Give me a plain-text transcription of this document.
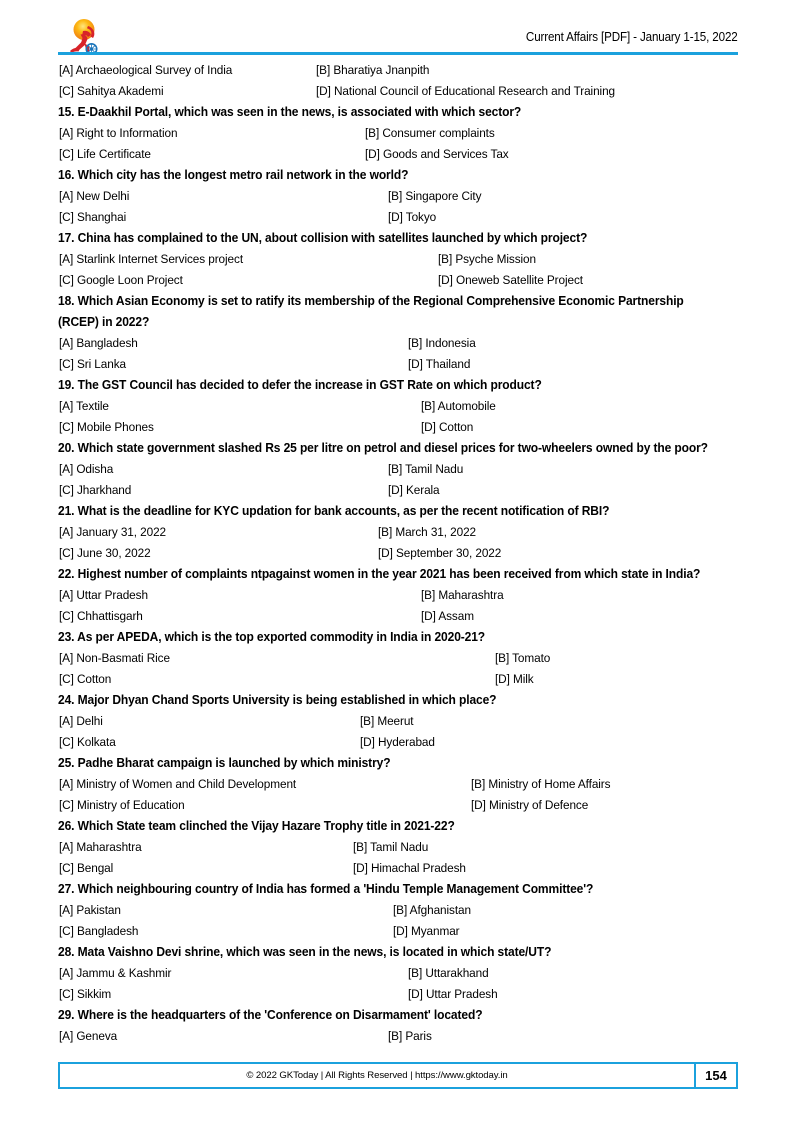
Current Affairs [PDF] - January 1-15, 2022
[A] Archaeological Survey of India	[B] Bharatiya Jnanpith
[C] Sahitya Akademi	[D] National Council of Educational Research and Training
15. E-Daakhil Portal, which was seen in the news, is associated with which sector?
[A] Right to Information	[B] Consumer complaints
[C] Life Certificate	[D] Goods and Services Tax
16. Which city has the longest metro rail network in the world?
[A] New Delhi	[B] Singapore City
[C] Shanghai	[D] Tokyo
17. China has complained to the UN, about collision with satellites launched by which project?
[A] Starlink Internet Services project	[B] Psyche Mission
[C] Google Loon Project	[D] Oneweb Satellite Project
18. Which Asian Economy is set to ratify its membership of the Regional Comprehensive Economic Partnership
(RCEP) in 2022?
[A] Bangladesh	[B] Indonesia
[C] Sri Lanka	[D] Thailand
19. The GST Council has decided to defer the increase in GST Rate on which product?
[A] Textile	[B] Automobile
[C] Mobile Phones	[D] Cotton
20. Which state government slashed Rs 25 per litre on petrol and diesel prices for two-wheelers owned by the poor?
[A] Odisha	[B] Tamil Nadu
[C] Jharkhand	[D] Kerala
21. What is the deadline for KYC updation for bank accounts, as per the recent notification of RBI?
[A] January 31, 2022	[B] March 31, 2022
[C] June 30, 2022	[D] September 30, 2022
22. Highest number of complaints ntpagainst women in the year 2021 has been received from which state in India?
[A] Uttar Pradesh	[B] Maharashtra
[C] Chhattisgarh	[D] Assam
23. As per APEDA, which is the top exported commodity in India in 2020-21?
[A] Non-Basmati Rice	[B] Tomato
[C] Cotton	[D] Milk
24. Major Dhyan Chand Sports University is being established in which place?
[A] Delhi	[B] Meerut
[C] Kolkata	[D] Hyderabad
25. Padhe Bharat campaign is launched by which ministry?
[A] Ministry of Women and Child Development	[B] Ministry of Home Affairs
[C] Ministry of Education	[D] Ministry of Defence
26. Which State team clinched the Vijay Hazare Trophy title in 2021-22?
[A] Maharashtra	[B] Tamil Nadu
[C] Bengal	[D] Himachal Pradesh
27. Which neighbouring country of India has formed a 'Hindu Temple Management Committee'?
[A] Pakistan	[B] Afghanistan
[C] Bangladesh	[D] Myanmar
28. Mata Vaishno Devi shrine, which was seen in the news, is located in which state/UT?
[A] Jammu & Kashmir	[B] Uttarakhand
[C] Sikkim	[D] Uttar Pradesh
29. Where is the headquarters of the 'Conference on Disarmament' located?
[A] Geneva	[B] Paris
© 2022 GKToday | All Rights Reserved | https://www.gktoday.in	154
